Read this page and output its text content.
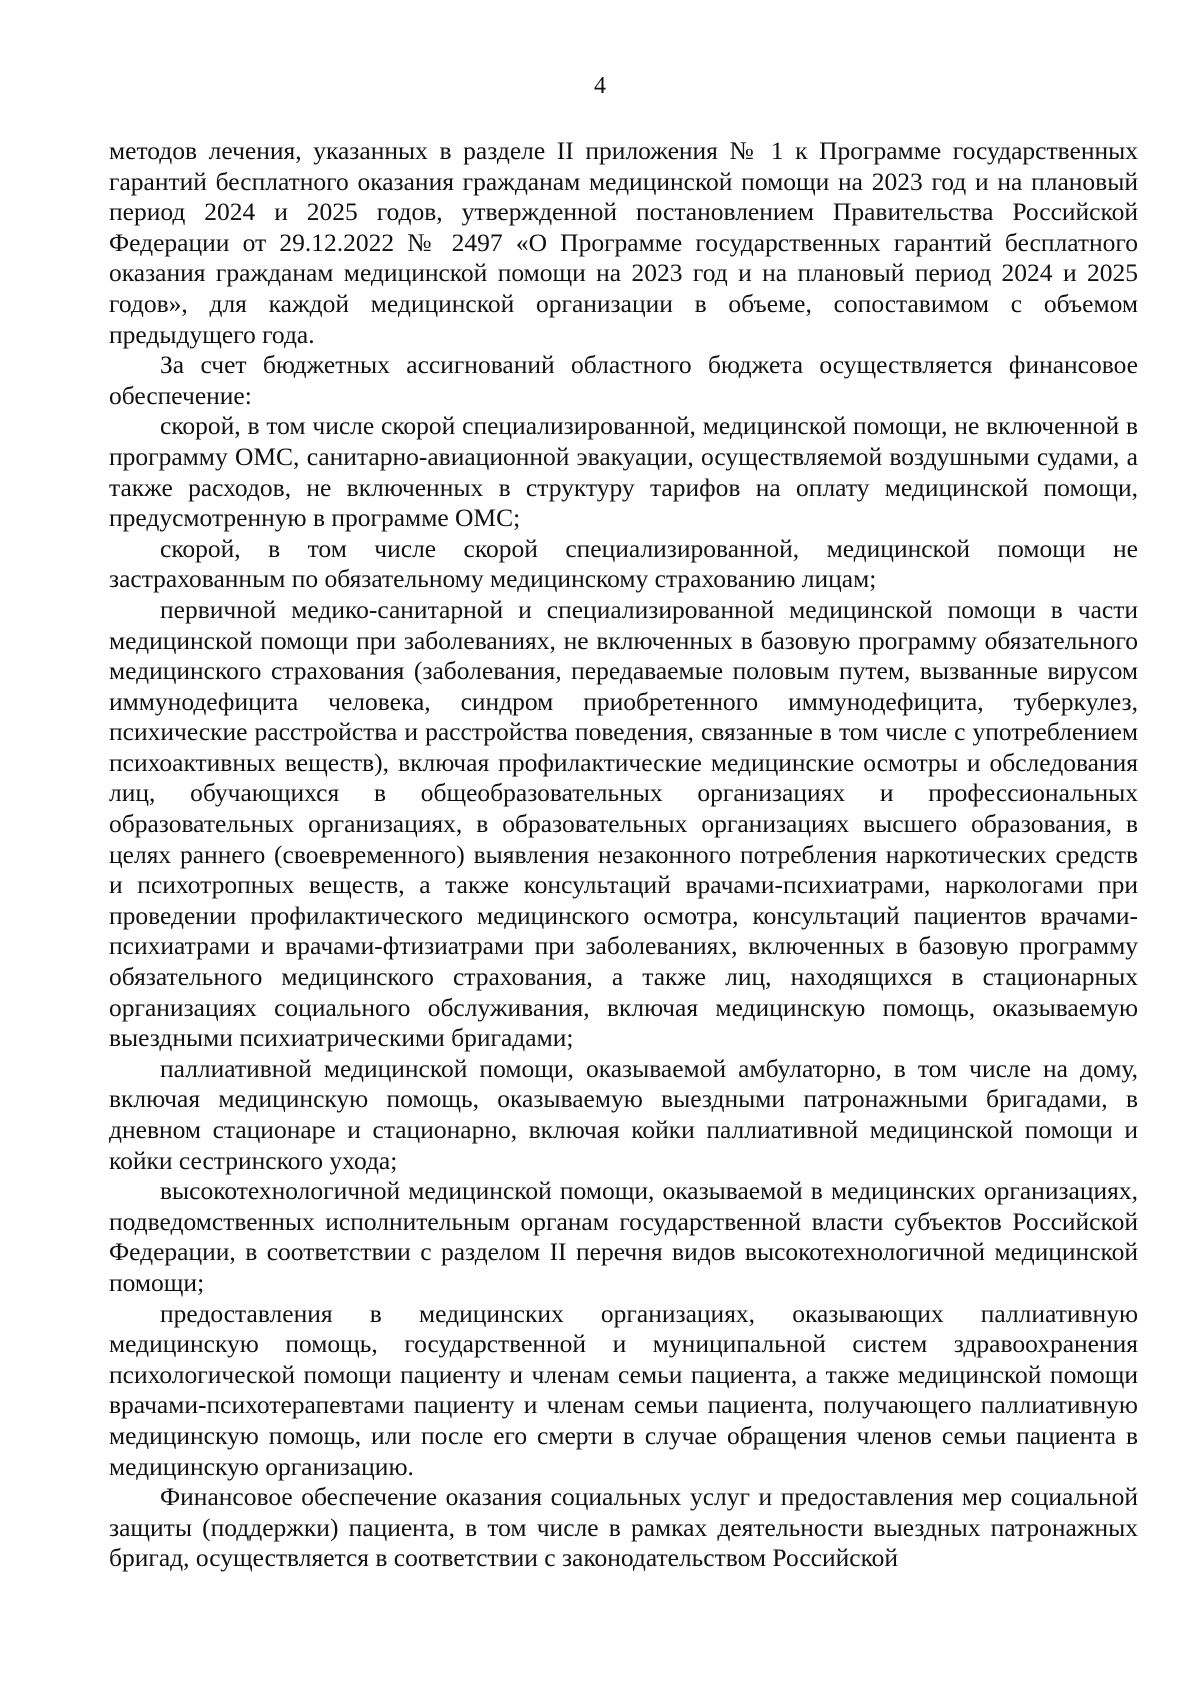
4

методов лечения, указанных в разделе II приложения № 1 к Программе государственных гарантий бесплатного оказания гражданам медицинской помощи на 2023 год и на плановый период 2024 и 2025 годов, утвержденной постановлением Правительства Российской Федерации от 29.12.2022 № 2497 «О Программе государственных гарантий бесплатного оказания гражданам медицинской помощи на 2023 год и на плановый период 2024 и 2025 годов», для каждой медицинской организации в объеме, сопоставимом с объемом предыдущего года.

За счет бюджетных ассигнований областного бюджета осуществляется финансовое обеспечение:

скорой, в том числе скорой специализированной, медицинской помощи, не включенной в программу ОМС, санитарно-авиационной эвакуации, осуществляемой воздушными судами, а также расходов, не включенных в структуру тарифов на оплату медицинской помощи, предусмотренную в программе ОМС;

скорой, в том числе скорой специализированной, медицинской помощи не застрахованным по обязательному медицинскому страхованию лицам;

первичной медико-санитарной и специализированной медицинской помощи в части медицинской помощи при заболеваниях, не включенных в базовую программу обязательного медицинского страхования (заболевания, передаваемые половым путем, вызванные вирусом иммунодефицита человека, синдром приобретенного иммунодефицита, туберкулез, психические расстройства и расстройства поведения, связанные в том числе с употреблением психоактивных веществ), включая профилактические медицинские осмотры и обследования лиц, обучающихся в общеобразовательных организациях и профессиональных образовательных организациях, в образовательных организациях высшего образования, в целях раннего (своевременного) выявления незаконного потребления наркотических средств и психотропных веществ, а также консультаций врачами-психиатрами, наркологами при проведении профилактического медицинского осмотра, консультаций пациентов врачами-психиатрами и врачами-фтизиатрами при заболеваниях, включенных в базовую программу обязательного медицинского страхования, а также лиц, находящихся в стационарных организациях социального обслуживания, включая медицинскую помощь, оказываемую выездными психиатрическими бригадами;

паллиативной медицинской помощи, оказываемой амбулаторно, в том числе на дому, включая медицинскую помощь, оказываемую выездными патронажными бригадами, в дневном стационаре и стационарно, включая койки паллиативной медицинской помощи и койки сестринского ухода;

высокотехнологичной медицинской помощи, оказываемой в медицинских организациях, подведомственных исполнительным органам государственной власти субъектов Российской Федерации, в соответствии с разделом II перечня видов высокотехнологичной медицинской помощи;

предоставления в медицинских организациях, оказывающих паллиативную медицинскую помощь, государственной и муниципальной систем здравоохранения психологической помощи пациенту и членам семьи пациента, а также медицинской помощи врачами-психотерапевтами пациенту и членам семьи пациента, получающего паллиативную медицинскую помощь, или после его смерти в случае обращения членов семьи пациента в медицинскую организацию.

Финансовое обеспечение оказания социальных услуг и предоставления мер социальной защиты (поддержки) пациента, в том числе в рамках деятельности выездных патронажных бригад, осуществляется в соответствии с законодательством Российской
